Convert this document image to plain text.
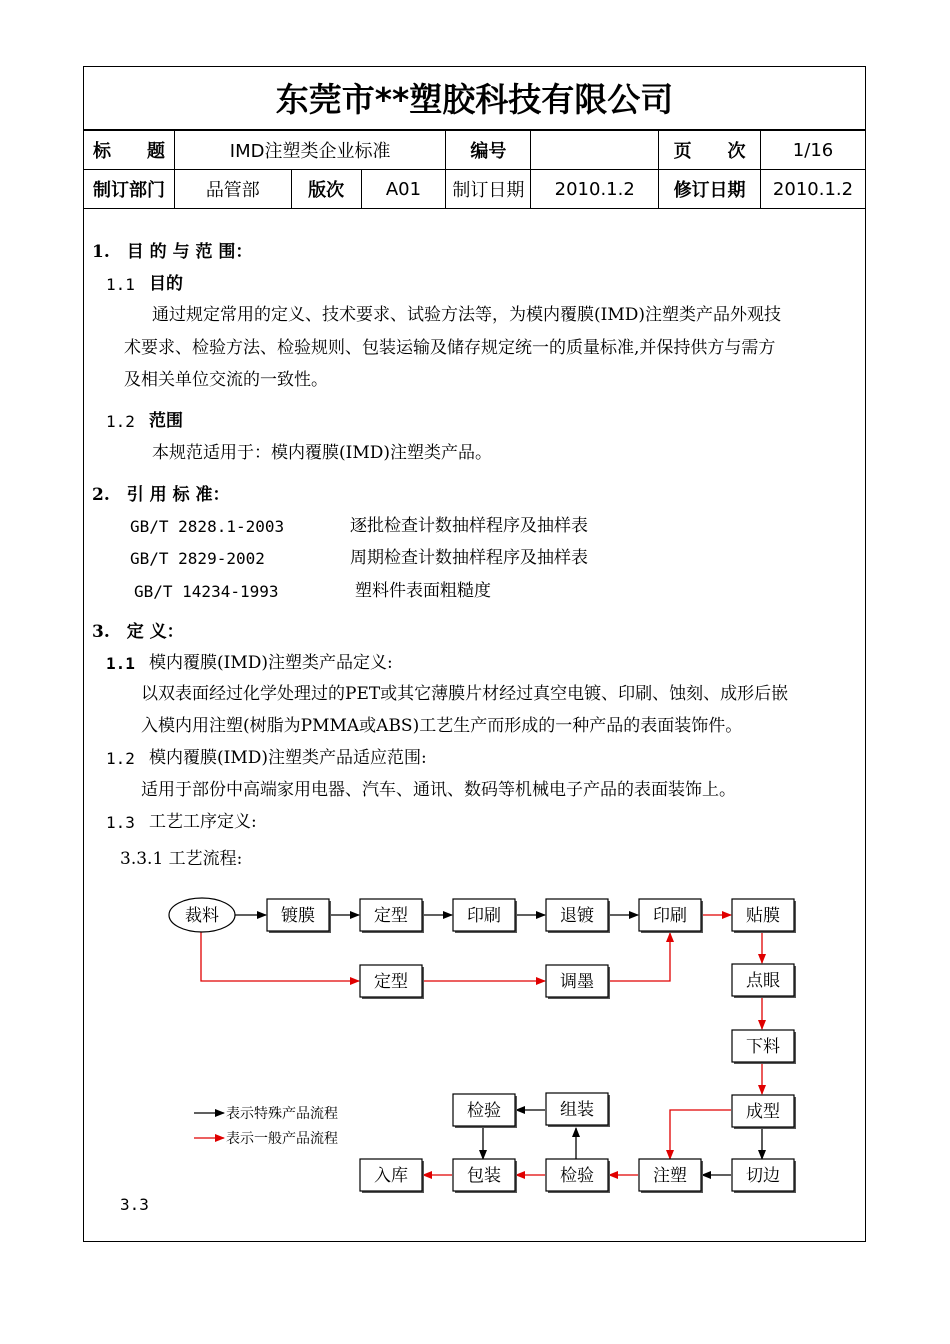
东莞市**塑胶科技有限公司
标　　题	IMD注塑类企业标准			编号		页　　次	1/16
制订部门	品管部	版次	A01	制订日期	2010.1.2	修订日期	2010.1.2
1.　目 的 与 范 围：
1.1 目的
通过规定常用的定义、技术要求、试验方法等，为模内覆膜(IMD)注塑类产品外观技
术要求、检验方法、检验规则、包装运输及储存规定统一的质量标准,并保持供方与需方
及相关单位交流的一致性。
1.2 范围
本规范适用于：模内覆膜(IMD)注塑类产品。
2.　引 用 标 准：
GB/T 2828.1-2003	逐批检查计数抽样程序及抽样表
GB/T 2829-2002	周期检查计数抽样程序及抽样表
GB/T 14234-1993	塑料件表面粗糙度
3.　定 义：
1.1 模内覆膜(IMD)注塑类产品定义:
以双表面经过化学处理过的PET或其它薄膜片材经过真空电镀、印刷、蚀刻、成形后嵌
入模内用注塑(树脂为PMMA或ABS)工艺生产而形成的一种产品的表面装饰件。
1.2 模内覆膜(IMD)注塑类产品适应范围:
适用于部份中高端家用电器、汽车、通讯、数码等机械电子产品的表面装饰上。
1.3 工艺工序定义:
3.3.1 工艺流程:
3.3
裁料	镀膜	定型	印刷	退镀	印刷	贴膜
定型	调墨	点眼
下料
成型
切边
注塑
检验
包装
入库
检验	组装
表示特殊产品流程
表示一般产品流程
